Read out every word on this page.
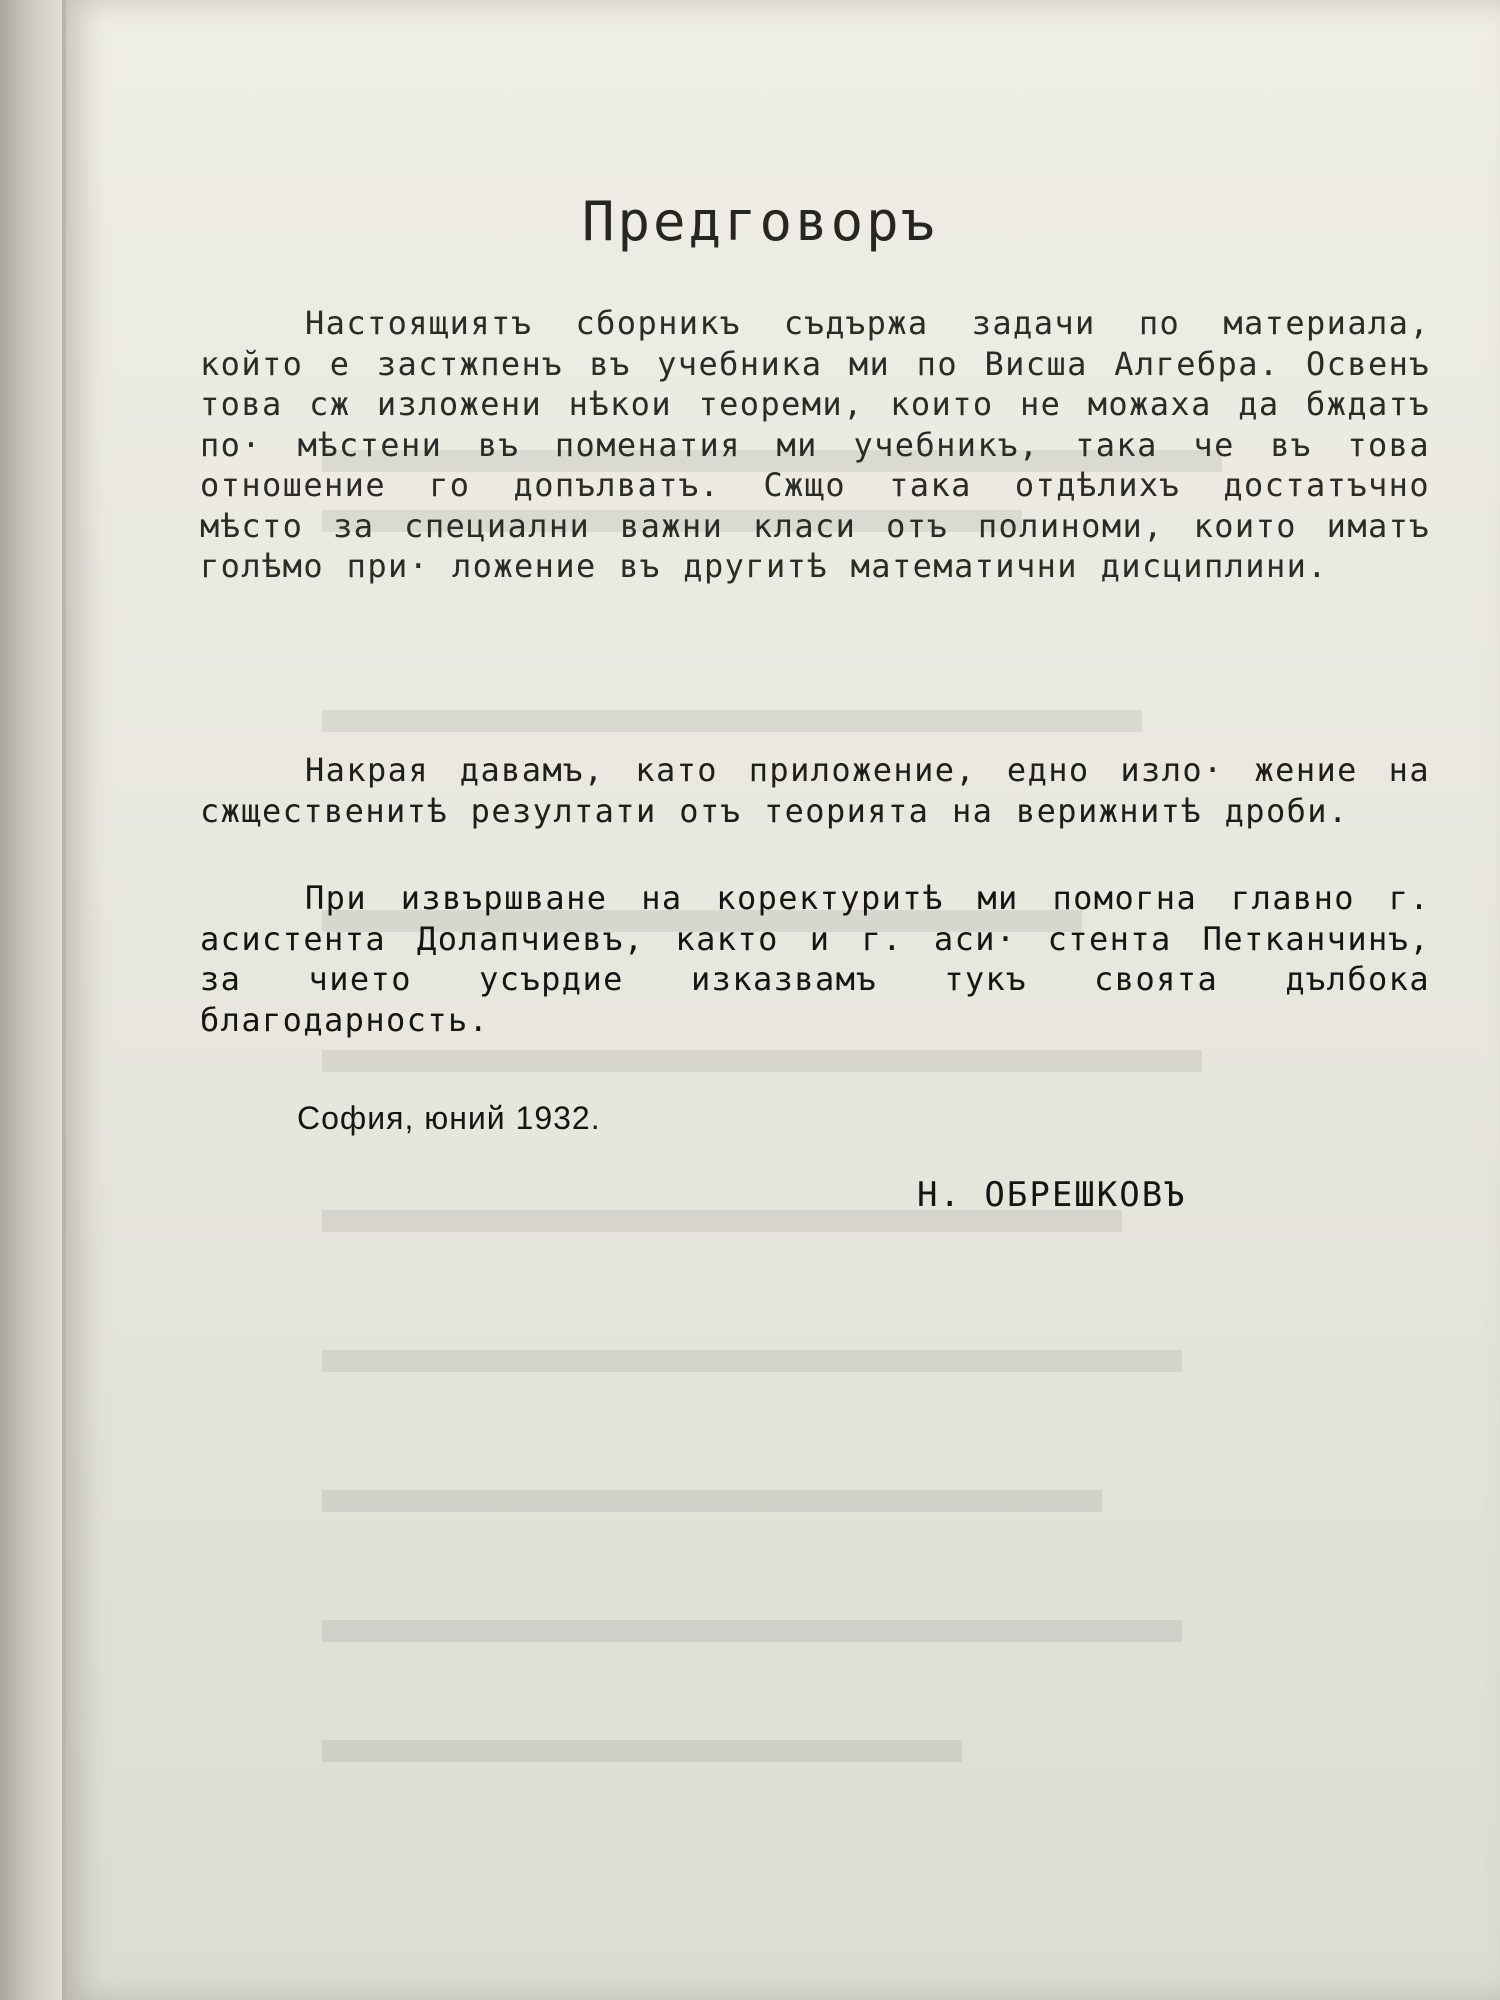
Предговоръ
Настоящиятъ сборникъ съдържа задачи по материала, който е застжпенъ въ учебника ми по Висша Алгебра. Освенъ това сж изложени нѣкои теореми, които не можаха да бждатъ по· мѣстени въ поменатия ми учебникъ, така че въ това отношение го допълватъ. Сжщо така отдѣлихъ достатъчно мѣсто за специални важни класи отъ полиноми, които иматъ голѣмо при· ложение въ другитѣ математични дисциплини.
Накрая давамъ, като приложение, едно изло· жение на сжщественитѣ резултати отъ теорията на верижнитѣ дроби.
При извършване на коректуритѣ ми помогна главно г. асистента Долапчиевъ, както и г. аси· стента Петканчинъ, за чието усърдие изказвамъ тукъ своята дълбока благодарность.
София, юний 1932.
Н. ОБРЕШКОВЪ
